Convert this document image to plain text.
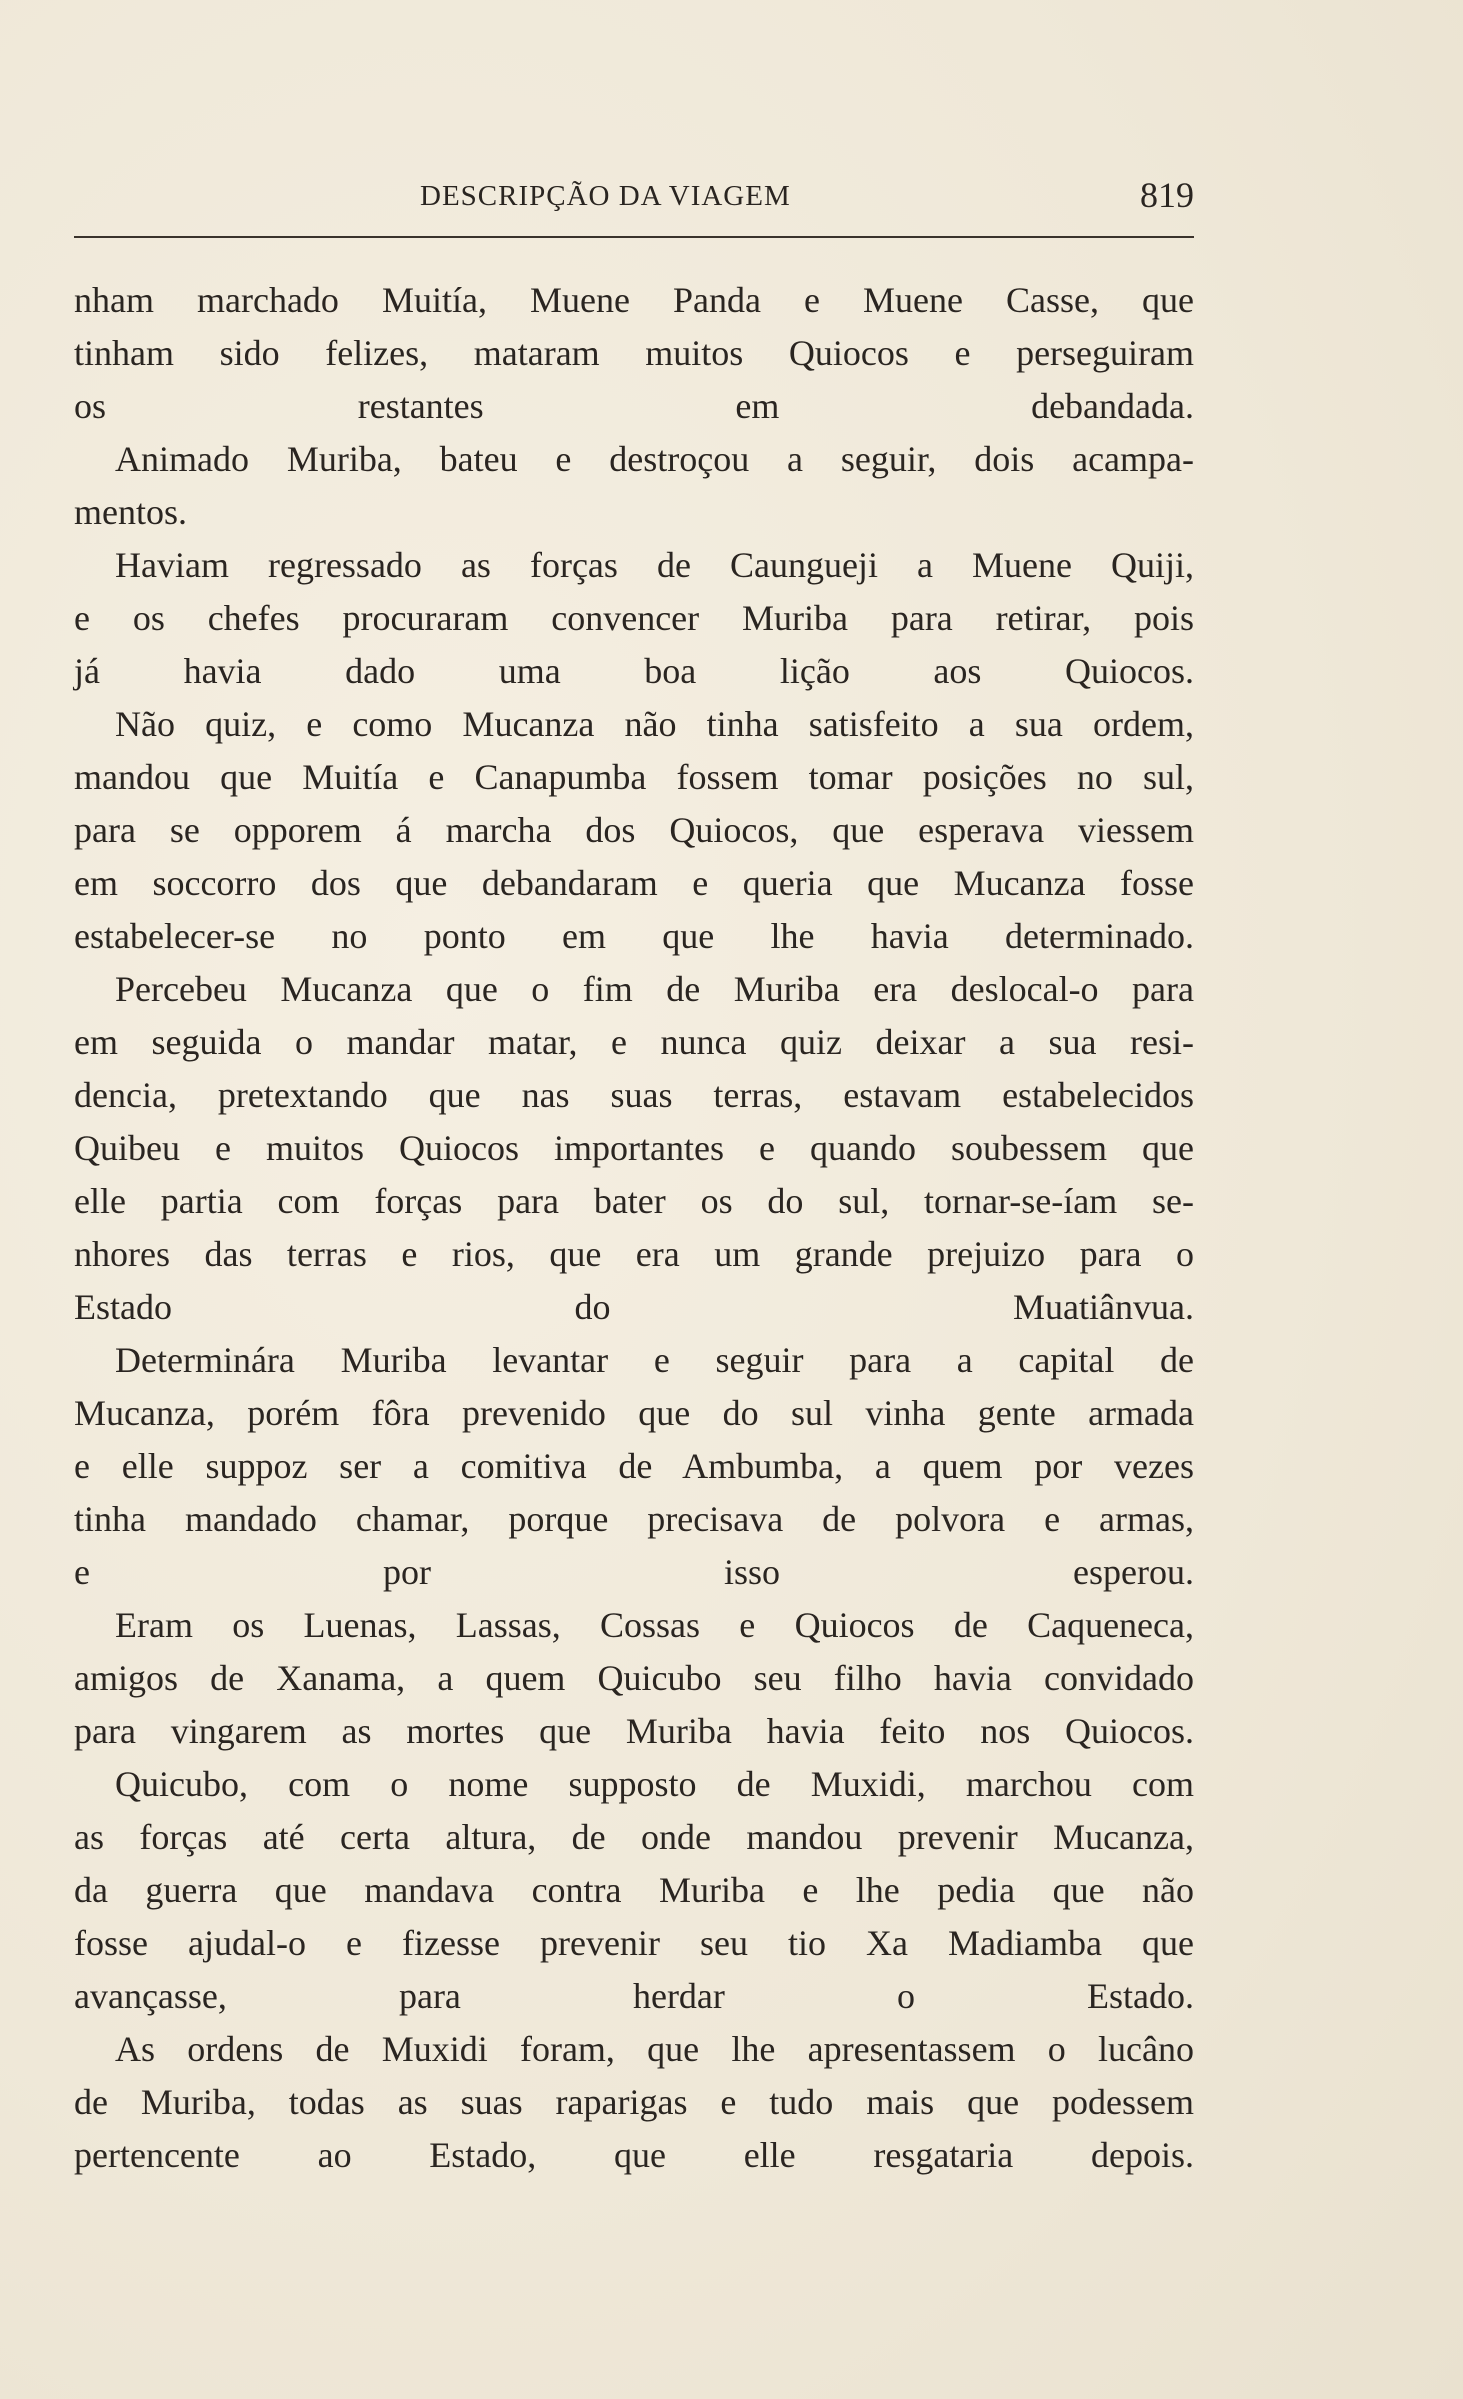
DESCRIPÇÃO DA VIAGEM	819
nham marchado Muitía, Muene Panda e Muene Casse, que
tinham sido felizes, mataram muitos Quiocos e perseguiram
os restantes em debandada.
Animado Muriba, bateu e destroçou a seguir, dois acampa-
mentos.
Haviam regressado as forças de Caungueji a Muene Quiji,
e os chefes procuraram convencer Muriba para retirar, pois
já havia dado uma boa lição aos Quiocos.
Não quiz, e como Mucanza não tinha satisfeito a sua ordem,
mandou que Muitía e Canapumba fossem tomar posições no sul,
para se opporem á marcha dos Quiocos, que esperava viessem
em soccorro dos que debandaram e queria que Mucanza fosse
estabelecer-se no ponto em que lhe havia determinado.
Percebeu Mucanza que o fim de Muriba era deslocal-o para
em seguida o mandar matar, e nunca quiz deixar a sua resi-
dencia, pretextando que nas suas terras, estavam estabelecidos
Quibeu e muitos Quiocos importantes e quando soubessem que
elle partia com forças para bater os do sul, tornar-se-íam se-
nhores das terras e rios, que era um grande prejuizo para o
Estado do Muatiânvua.
Determinára Muriba levantar e seguir para a capital de
Mucanza, porém fôra prevenido que do sul vinha gente armada
e elle suppoz ser a comitiva de Ambumba, a quem por vezes
tinha mandado chamar, porque precisava de polvora e armas,
e por isso esperou.
Eram os Luenas, Lassas, Cossas e Quiocos de Caqueneca,
amigos de Xanama, a quem Quicubo seu filho havia convidado
para vingarem as mortes que Muriba havia feito nos Quiocos.
Quicubo, com o nome supposto de Muxidi, marchou com
as forças até certa altura, de onde mandou prevenir Mucanza,
da guerra que mandava contra Muriba e lhe pedia que não
fosse ajudal-o e fizesse prevenir seu tio Xa Madiamba que
avançasse, para herdar o Estado.
As ordens de Muxidi foram, que lhe apresentassem o lucâno
de Muriba, todas as suas raparigas e tudo mais que podessem
pertencente ao Estado, que elle resgataria depois.
